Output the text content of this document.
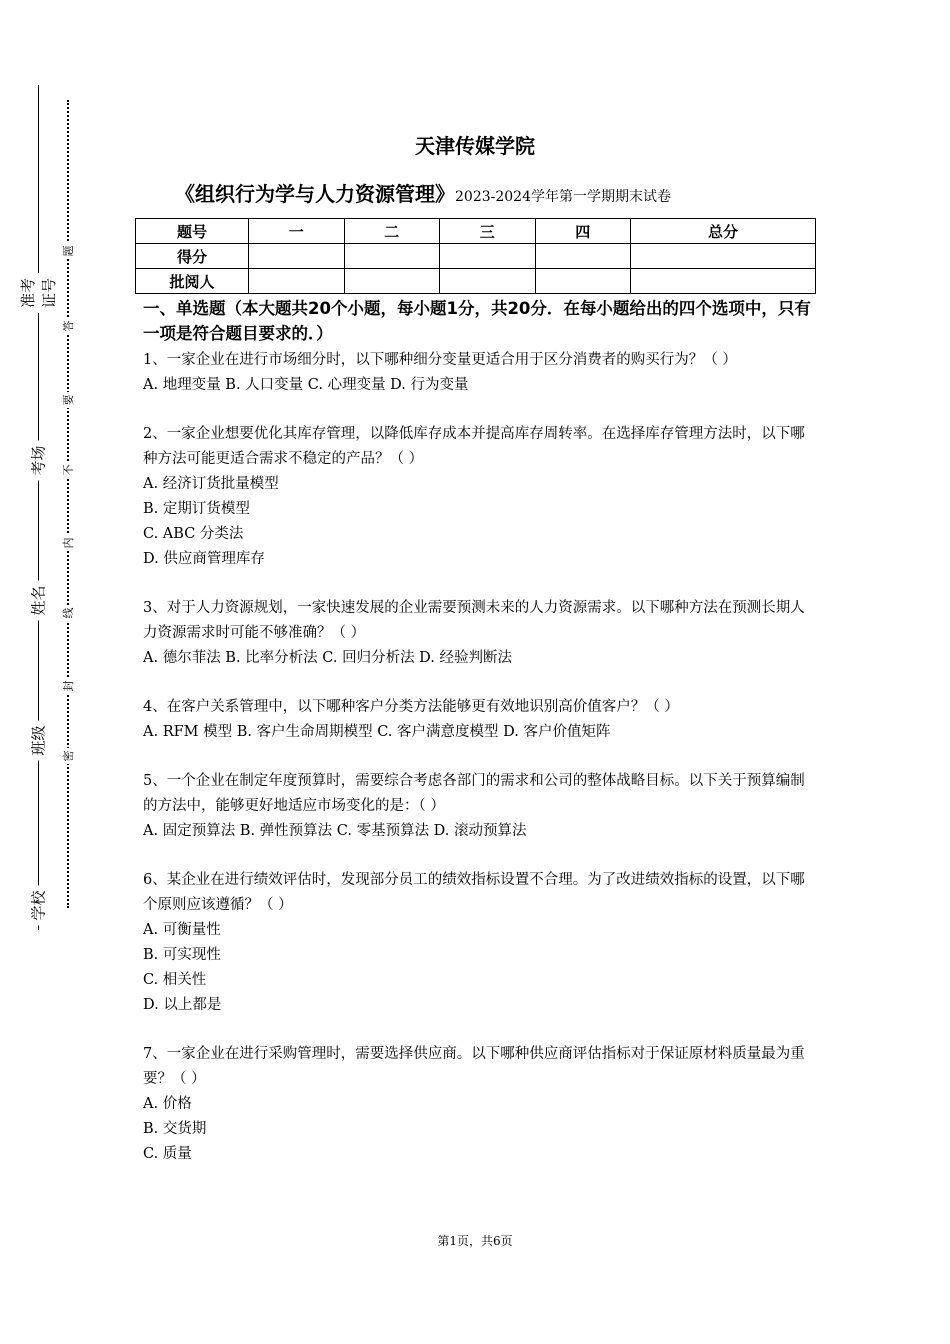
准考证号
考场
姓名
班级
学校
题
答
要
不
内
线
封
密
天津传媒学院
《组织行为学与人力资源管理》2023-2024学年第一学期期末试卷
题号	一	二	三	四	总分
得分					
批阅人					
一、单选题（本大题共20个小题，每小题1分，共20分．在每小题给出的四个选项中，只有一项是符合题目要求的．）
1、一家企业在进行市场细分时，以下哪种细分变量更适合用于区分消费者的购买行为？（ ）
A. 地理变量 B. 人口变量 C. 心理变量 D. 行为变量
2、一家企业想要优化其库存管理，以降低库存成本并提高库存周转率。在选择库存管理方法时，以下哪种方法可能更适合需求不稳定的产品？（ ）
A. 经济订货批量模型
B. 定期订货模型
C. ABC 分类法
D. 供应商管理库存
3、对于人力资源规划，一家快速发展的企业需要预测未来的人力资源需求。以下哪种方法在预测长期人力资源需求时可能不够准确？（ ）
A. 德尔菲法 B. 比率分析法 C. 回归分析法 D. 经验判断法
4、在客户关系管理中，以下哪种客户分类方法能够更有效地识别高价值客户？（ ）
A. RFM 模型 B. 客户生命周期模型 C. 客户满意度模型 D. 客户价值矩阵
5、一个企业在制定年度预算时，需要综合考虑各部门的需求和公司的整体战略目标。以下关于预算编制的方法中，能够更好地适应市场变化的是：（ ）
A. 固定预算法 B. 弹性预算法 C. 零基预算法 D. 滚动预算法
6、某企业在进行绩效评估时，发现部分员工的绩效指标设置不合理。为了改进绩效指标的设置，以下哪个原则应该遵循？（ ）
A. 可衡量性
B. 可实现性
C. 相关性
D. 以上都是
7、一家企业在进行采购管理时，需要选择供应商。以下哪种供应商评估指标对于保证原材料质量最为重要？（ ）
A. 价格
B. 交货期
C. 质量
第1页，共6页
